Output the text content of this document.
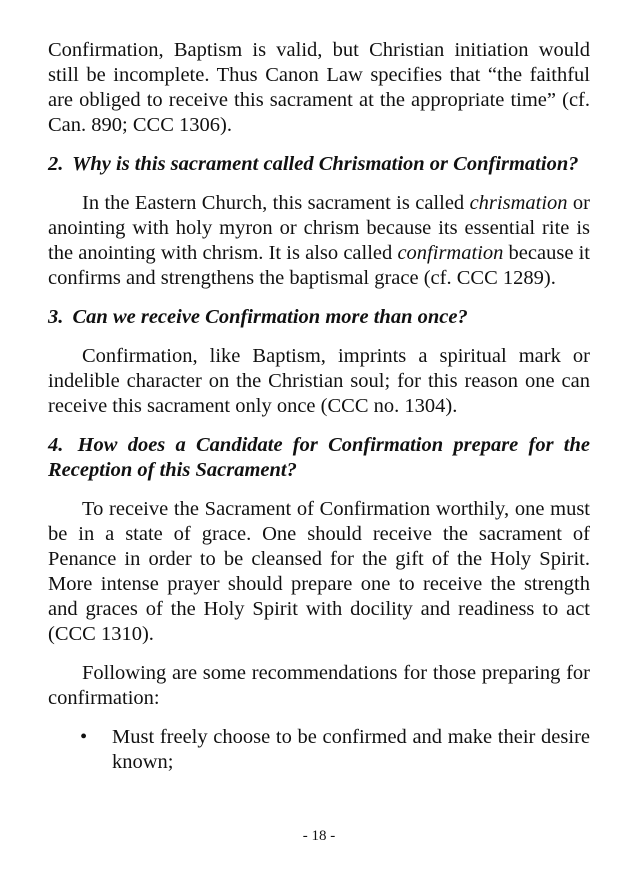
Confirmation, Baptism is valid, but Christian initiation would still be incomplete. Thus Canon Law specifies that “the faithful are obliged to receive this sacrament at the appropriate time” (cf. Can. 890; CCC 1306).

2. Why is this sacrament called Chrismation or Confirmation?

In the Eastern Church, this sacrament is called chrismation or anointing with holy myron or chrism because its essential rite is the anointing with chrism. It is also called confirmation because it confirms and strengthens the baptismal grace (cf. CCC 1289).

3. Can we receive Confirmation more than once?

Confirmation, like Baptism, imprints a spiritual mark or indelible character on the Christian soul; for this reason one can receive this sacrament only once (CCC no. 1304).

4. How does a Candidate for Confirmation prepare for the Reception of this Sacrament?

To receive the Sacrament of Confirmation worthily, one must be in a state of grace. One should receive the sacrament of Penance in order to be cleansed for the gift of the Holy Spirit. More intense prayer should prepare one to receive the strength and graces of the Holy Spirit with docility and readiness to act (CCC 1310).

Following are some recommendations for those preparing for confirmation:

• Must freely choose to be confirmed and make their desire known;
- 18 -
